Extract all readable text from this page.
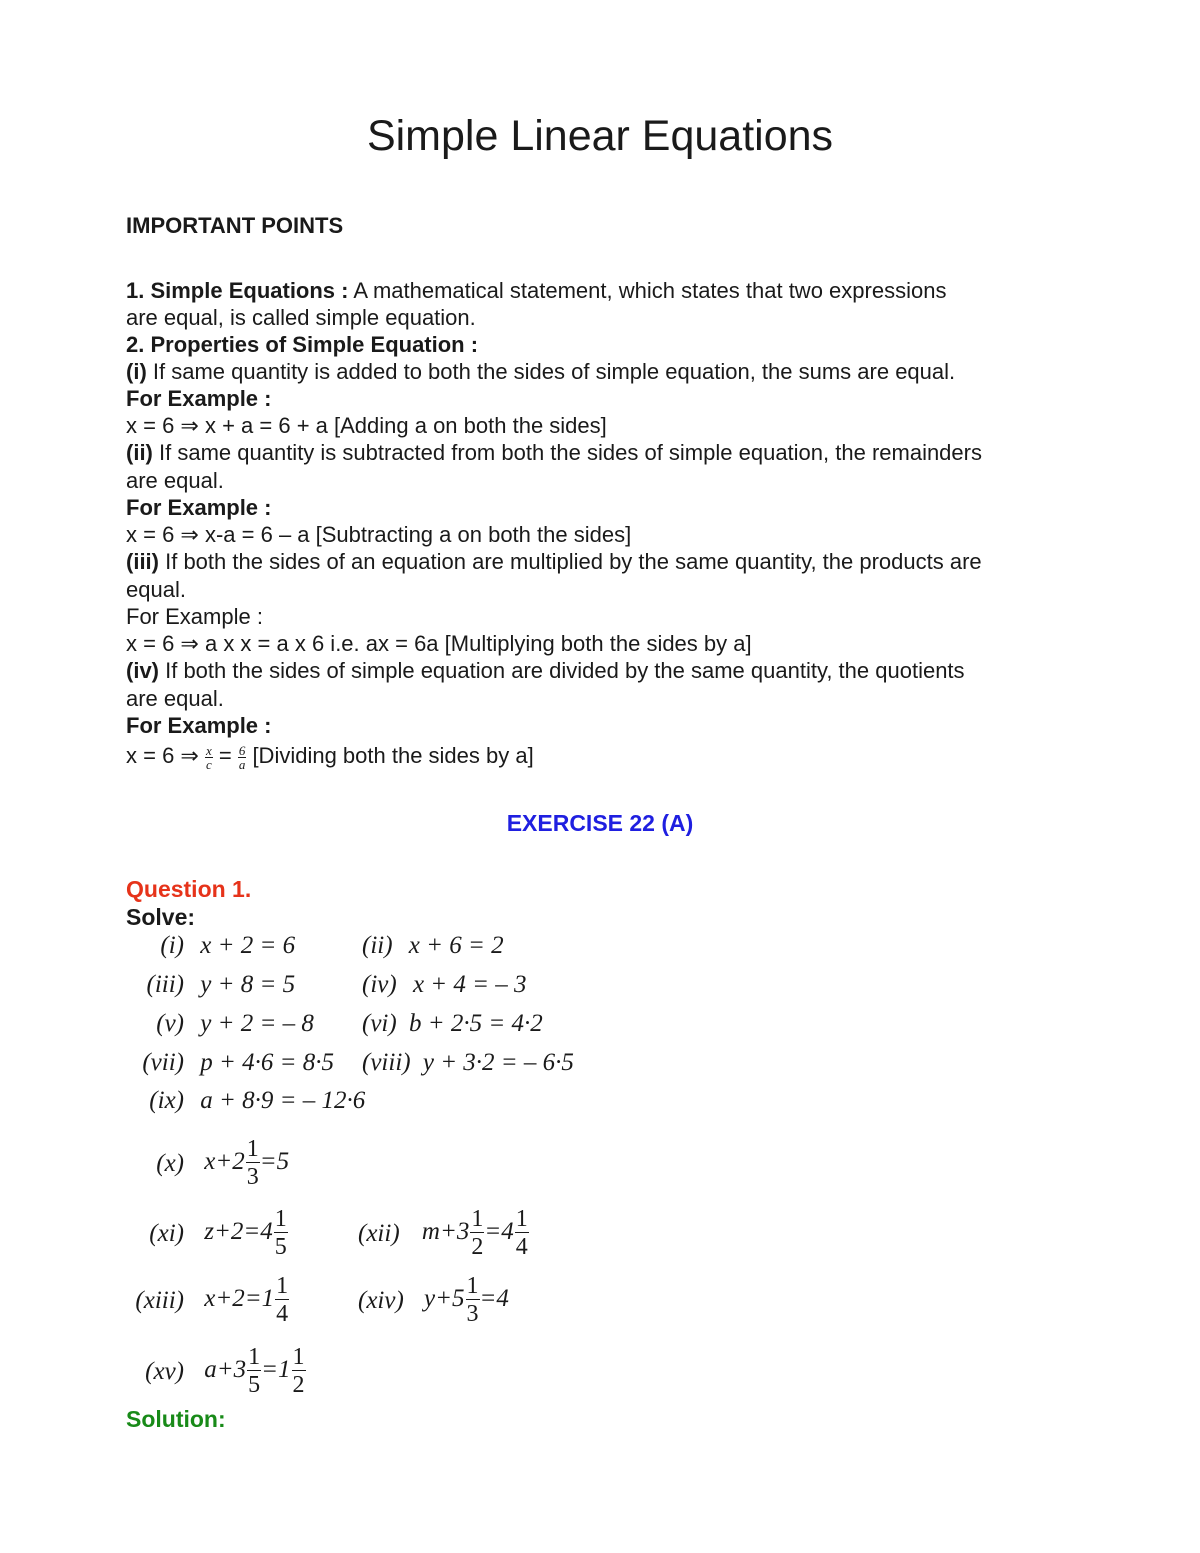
Simple Linear Equations
IMPORTANT POINTS
1. Simple Equations : A mathematical statement, which states that two expressions
are equal, is called simple equation.
2. Properties of Simple Equation :
(i) If same quantity is added to both the sides of simple equation, the sums are equal.
For Example :
x = 6 ⇒ x + a = 6 + a [Adding a on both the sides]
(ii) If same quantity is subtracted from both the sides of simple equation, the remainders
are equal.
For Example :
x = 6 ⇒ x-a = 6 – a [Subtracting a on both the sides]
(iii) If both the sides of an equation are multiplied by the same quantity, the products are
equal.
For Example :
x = 6 ⇒ a x x = a x 6 i.e. ax = 6a [Multiplying both the sides by a]
(iv) If both the sides of simple equation are divided by the same quantity, the quotients
are equal.
For Example :
x = 6 ⇒ $\frac{x}{c} = \frac{6}{a}$ [Dividing both the sides by a]
EXERCISE 22 (A)
Question 1.
Solve:
(i) x + 2 = 6	(ii) x + 6 = 2
(iii) y + 8 = 5	(iv) x + 4 = – 3
(v) y + 2 = – 8 (vi) b + 2·5 = 4·2
(vii) p + 4·6 = 8·5 (viii) y + 3·2 = – 6·5
(ix) a + 8·9 = – 12·6
(x) $x+2 \frac{1}{3} =5$
(xi) $z+2=4 \frac{1}{5}$	(xii) $m+3 \frac{1}{2} =4 \frac{1}{4}$
(xiii) $x+2=1 \frac{1}{4}$	(xiv) $y+5 \frac{1}{3} =4$
(xv) $a+3 \frac{1}{5} =1 \frac{1}{2}$
Solution:
